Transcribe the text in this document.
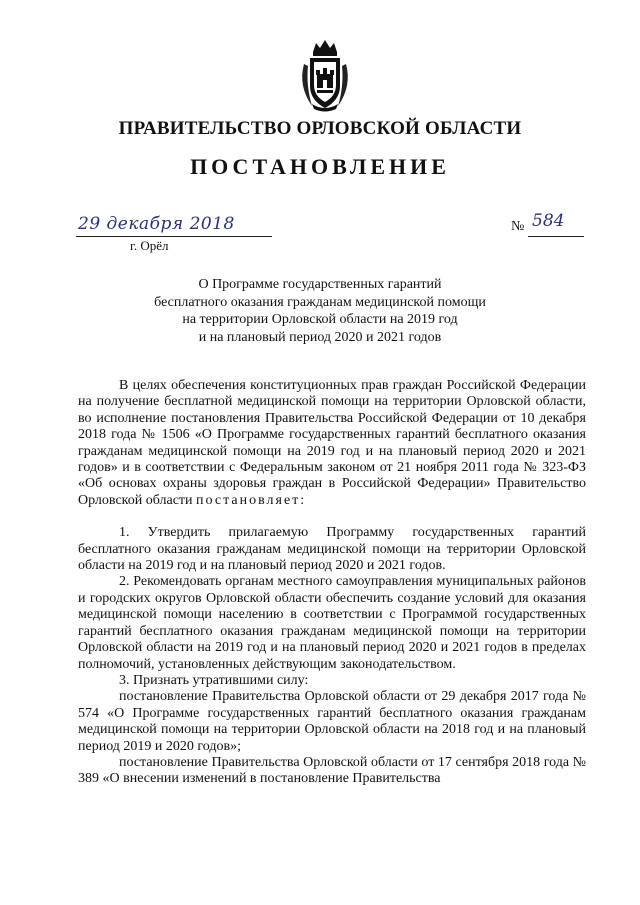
ПРАВИТЕЛЬСТВО ОРЛОВСКОЙ ОБЛАСТИ
ПОСТАНОВЛЕНИЕ
29 декабря 2018
г. Орёл
№ 584
О Программе государственных гарантий
бесплатного оказания гражданам медицинской помощи
на территории Орловской области на 2019 год
и на плановый период 2020 и 2021 годов

В целях обеспечения конституционных прав граждан Российской Федерации на получение бесплатной медицинской помощи на территории Орловской области, во исполнение постановления Правительства Российской Федерации от 10 декабря 2018 года № 1506 «О Программе государственных гарантий бесплатного оказания гражданам медицинской помощи на 2019 год и на плановый период 2020 и 2021 годов» и в соответствии с Федеральным законом от 21 ноября 2011 года № 323-ФЗ «Об основах охраны здоровья граждан в Российской Федерации» Правительство Орловской области постановляет:

1. Утвердить прилагаемую Программу государственных гарантий бесплатного оказания гражданам медицинской помощи на территории Орловской области на 2019 год и на плановый период 2020 и 2021 годов.

2. Рекомендовать органам местного самоуправления муниципальных районов и городских округов Орловской области обеспечить создание условий для оказания медицинской помощи населению в соответствии с Программой государственных гарантий бесплатного оказания гражданам медицинской помощи на территории Орловской области на 2019 год и на плановый период 2020 и 2021 годов в пределах полномочий, установленных действующим законодательством.

3. Признать утратившими силу:

постановление Правительства Орловской области от 29 декабря 2017 года № 574 «О Программе государственных гарантий бесплатного оказания гражданам медицинской помощи на территории Орловской области на 2018 год и на плановый период 2019 и 2020 годов»;

постановление Правительства Орловской области от 17 сентября 2018 года № 389 «О внесении изменений в постановление Правительства
